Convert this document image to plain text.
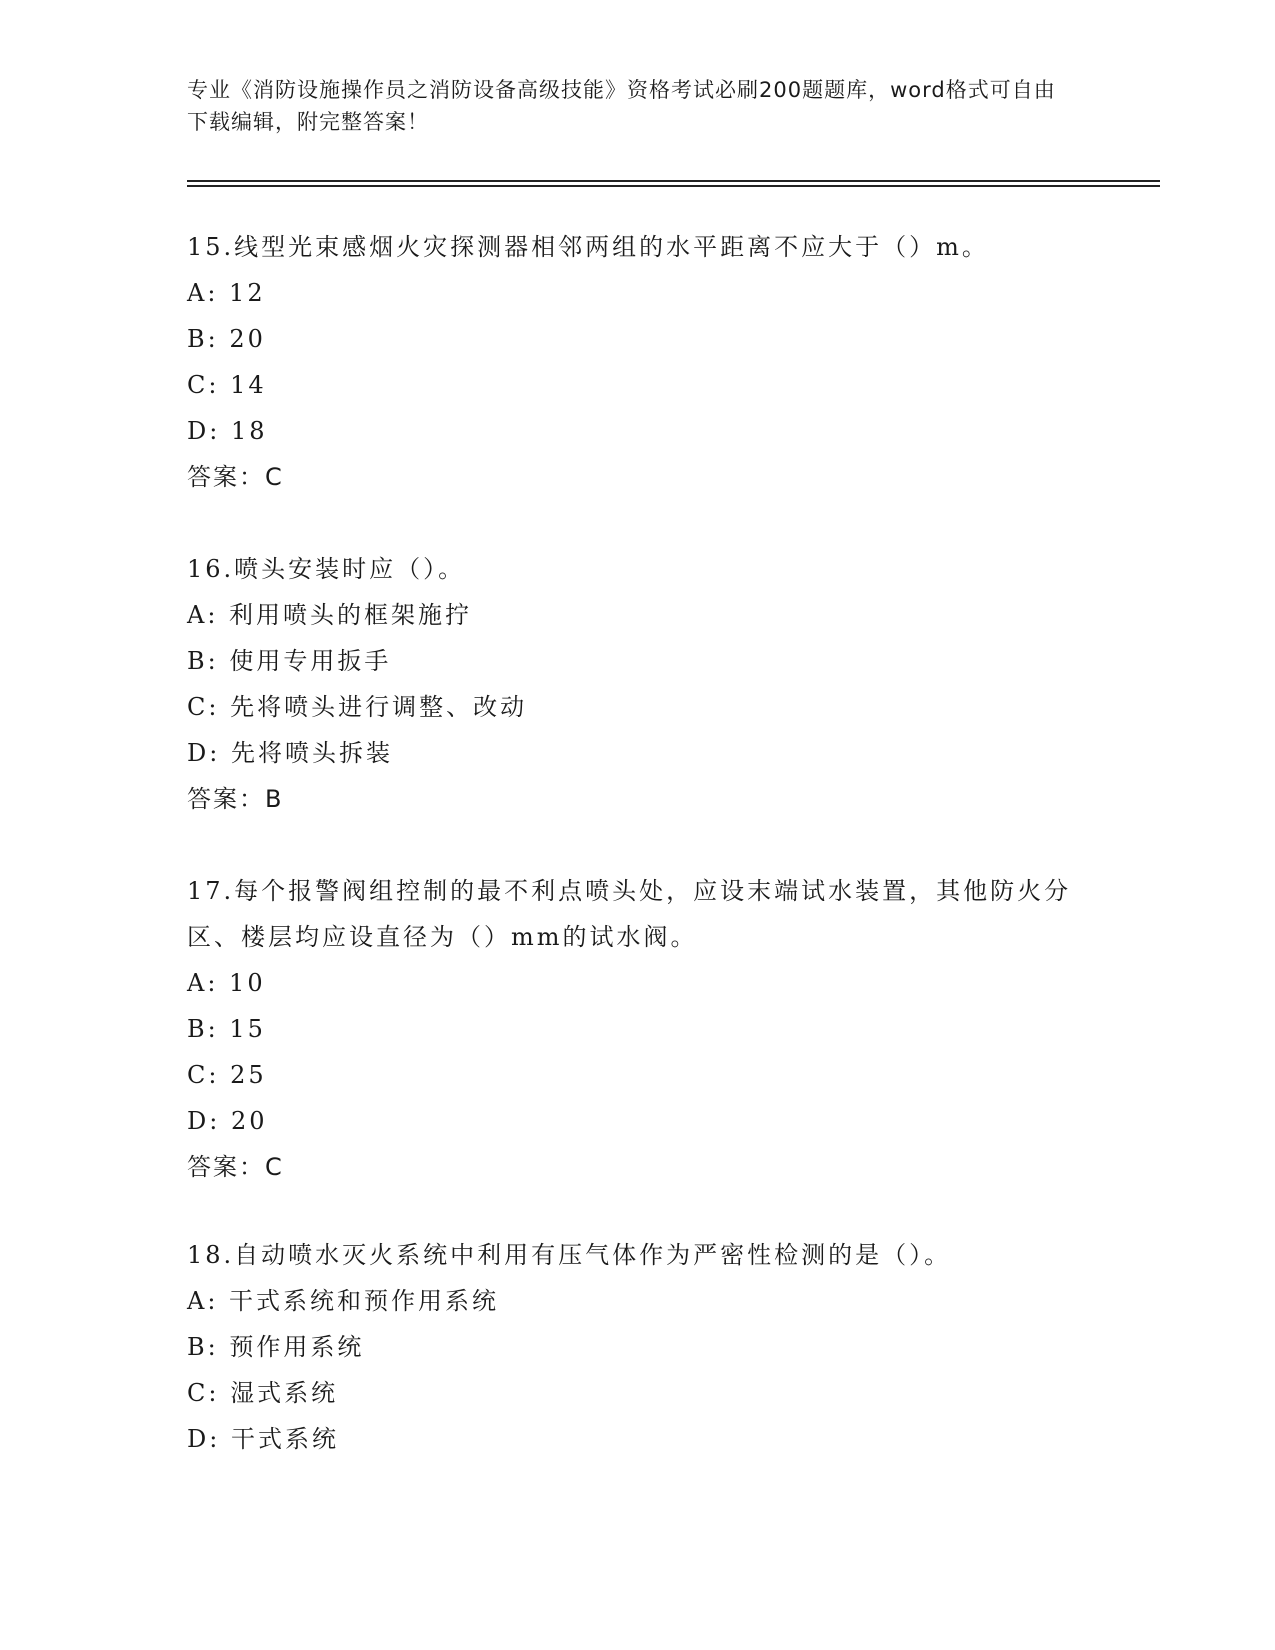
专业《消防设施操作员之消防设备高级技能》资格考试必刷200题题库，word格式可自由下载编辑，附完整答案！

15.线型光束感烟火灾探测器相邻两组的水平距离不应大于（）m。

A: 12

B: 20

C: 14

D: 18

答案：C

16.喷头安装时应（）。

A: 利用喷头的框架施拧

B: 使用专用扳手

C: 先将喷头进行调整、改动

D: 先将喷头拆装

答案：B

17.每个报警阀组控制的最不利点喷头处，应设末端试水装置，其他防火分区、楼层均应设直径为（）mm的试水阀。

A: 10

B: 15

C: 25

D: 20

答案：C

18.自动喷水灭火系统中利用有压气体作为严密性检测的是（）。

A: 干式系统和预作用系统

B: 预作用系统

C: 湿式系统

D: 干式系统
